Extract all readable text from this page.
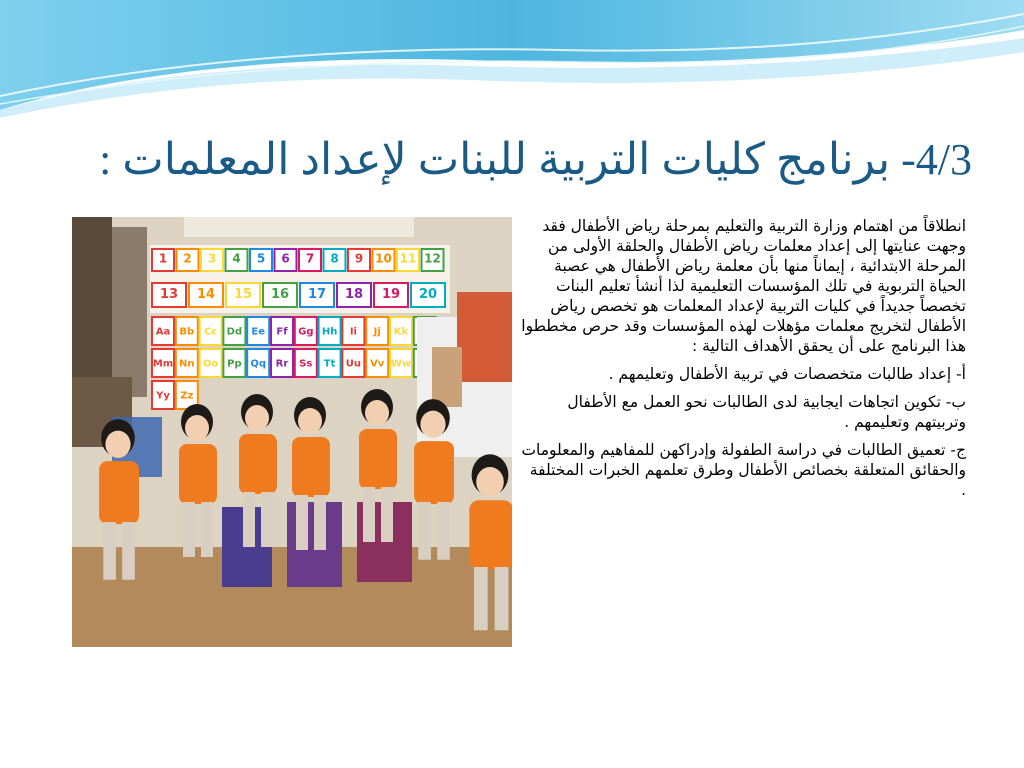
4/3- برنامج كليات التربية للبنات لإعداد المعلمات :
1 2 3 4 5 6 7 8 9 10 11 12
13 14 15 16 17 18 19 20
Aa Bb Cc Dd Ee Ff Gg Hh Ii Jj Kk
Mm Nn Oo Pp Qq Rr Ss Tt Uu Vv Ww
Yy Zz

انطلاقاً من اهتمام وزارة التربية والتعليم بمرحلة رياض الأطفال فقد وجهت عنايتها إلى إعداد معلمات رياض الأطفال والحلقة الأولى من المرحلة الابتدائية ، إيماناً منها بأن معلمة رياض الأطفال هي عصبة الحياة التربوية في تلك المؤسسات التعليمية لذا أنشأ تعليم البنات تخصصاً جديداً في كليات التربية لإعداد المعلمات هو تخصص رياض الأطفال لتخريج معلمات مؤهلات لهذه المؤسسات وقد حرص مخططوا هذا البرنامج على أن يحقق الأهداف التالية :

أ- إعداد طالبات متخصصات في تربية الأطفال وتعليمهم .

ب- تكوين اتجاهات ايجابية لدى الطالبات نحو العمل مع الأطفال وتربيتهم وتعليمهم .

ج- تعميق الطالبات في دراسة الطفولة وإدراكهن للمفاهيم والمعلومات والحقائق المتعلقة بخصائص الأطفال وطرق تعلمهم الخبرات المختلفة .
